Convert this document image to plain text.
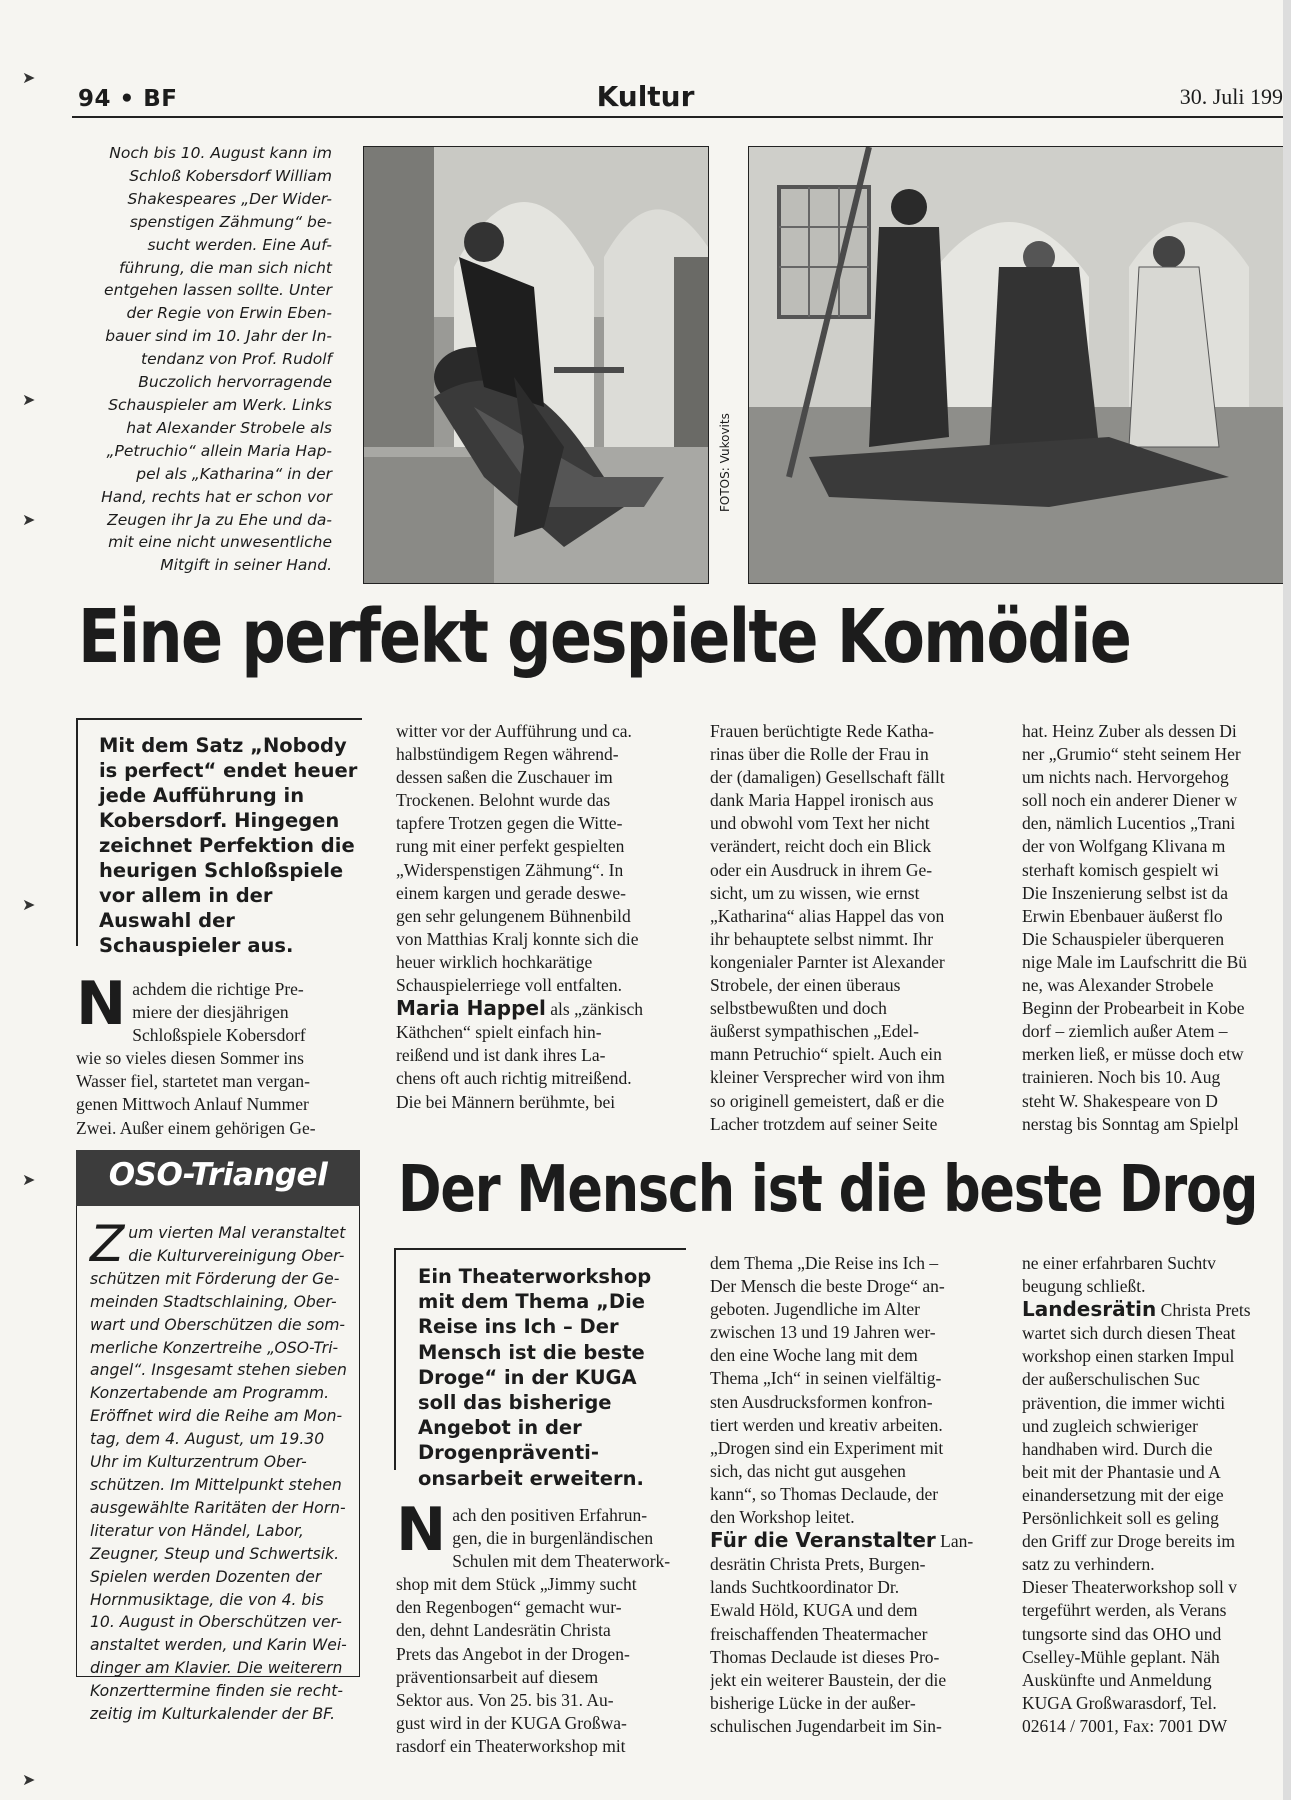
94 • BF	Kultur	30. Juli 199
➤
➤
➤
➤
➤
➤
Noch bis 10. August kann im
Schloß Kobersdorf William
Shakespeares „Der Wider-
spenstigen Zähmung“ be-
sucht werden. Eine Auf-
führung, die man sich nicht
entgehen lassen sollte. Unter
der Regie von Erwin Eben-
bauer sind im 10. Jahr der In-
tendanz von Prof. Rudolf
Buczolich hervorragende
Schauspieler am Werk. Links
hat Alexander Strobele als
„Petruchio“ allein Maria Hap-
pel als „Katharina“ in der
Hand, rechts hat er schon vor
Zeugen ihr Ja zu Ehe und da-
mit eine nicht unwesentliche
Mitgift in seiner Hand.
FOTOS: Vukovits
Eine perfekt gespielte Komödie
Mit dem Satz „Nobody is perfect“ endet heuer jede Aufführung in Kobersdorf. Hingegen zeichnet Perfektion die heurigen Schloßspiele vor allem in der Auswahl der Schauspieler aus.
Nachdem die richtige Pre-
miere der diesjährigen
Schloßspiele Kobersdorf
wie so vieles diesen Sommer ins
Wasser fiel, startetet man vergan-
genen Mittwoch Anlauf Nummer
Zwei. Außer einem gehörigen Ge-
witter vor der Aufführung und ca.
halbstündigem Regen während-
dessen saßen die Zuschauer im
Trockenen. Belohnt wurde das
tapfere Trotzen gegen die Witte-
rung mit einer perfekt gespielten
„Widerspenstigen Zähmung“. In
einem kargen und gerade deswe-
gen sehr gelungenem Bühnenbild
von Matthias Kralj konnte sich die
heuer wirklich hochkarätige
Schauspielerriege voll entfalten.
Maria Happel als „zänkisch
Käthchen“ spielt einfach hin-
reißend und ist dank ihres La-
chens oft auch richtig mitreißend.
Die bei Männern berühmte, bei
Frauen berüchtigte Rede Katha-
rinas über die Rolle der Frau in
der (damaligen) Gesellschaft fällt
dank Maria Happel ironisch aus
und obwohl vom Text her nicht
verändert, reicht doch ein Blick
oder ein Ausdruck in ihrem Ge-
sicht, um zu wissen, wie ernst
„Katharina“ alias Happel das von
ihr behauptete selbst nimmt. Ihr
kongenialer Parnter ist Alexander
Strobele, der einen überaus
selbstbewußten und doch
äußerst sympathischen „Edel-
mann Petruchio“ spielt. Auch ein
kleiner Versprecher wird von ihm
so originell gemeistert, daß er die
Lacher trotzdem auf seiner Seite
hat. Heinz Zuber als dessen Di
ner „Grumio“ steht seinem Her
um nichts nach. Hervorgehog
soll noch ein anderer Diener w
den, nämlich Lucentios „Trani
der von Wolfgang Klivana m
sterhaft komisch gespielt wi
Die Inszenierung selbst ist da
Erwin Ebenbauer äußerst flo
Die Schauspieler überqueren
nige Male im Laufschritt die Bü
ne, was Alexander Strobele
Beginn der Probearbeit in Kobe
dorf – ziemlich außer Atem –
merken ließ, er müsse doch etw
trainieren. Noch bis 10. Aug
steht W. Shakespeare von D
nerstag bis Sonntag am Spielpl
OSO-Triangel
Zum vierten Mal veranstaltet
die Kulturvereinigung Ober-
schützen mit Förderung der Ge-
meinden Stadtschlaining, Ober-
wart und Oberschützen die som-
merliche Konzertreihe „OSO-Tri-
angel“. Insgesamt stehen sieben
Konzertabende am Programm.
Eröffnet wird die Reihe am Mon-
tag, dem 4. August, um 19.30
Uhr im Kulturzentrum Ober-
schützen. Im Mittelpunkt stehen
ausgewählte Raritäten der Horn-
literatur von Händel, Labor,
Zeugner, Steup und Schwertsik.
Spielen werden Dozenten der
Hornmusiktage, die von 4. bis
10. August in Oberschützen ver-
anstaltet werden, und Karin Wei-
dinger am Klavier. Die weiterern
Konzerttermine finden sie recht-
zeitig im Kulturkalender der BF.
Der Mensch ist die beste Drog
Ein Theaterworkshop mit dem Thema „Die Reise ins Ich – Der Mensch ist die beste Droge“ in der KUGA soll das bisherige Angebot in der Drogenpräventi-onsarbeit erweitern.
Nach den positiven Erfahrun-
gen, die in burgenländischen
Schulen mit dem Theaterwork-
shop mit dem Stück „Jimmy sucht
den Regenbogen“ gemacht wur-
den, dehnt Landesrätin Christa
Prets das Angebot in der Drogen-
präventionsarbeit auf diesem
Sektor aus. Von 25. bis 31. Au-
gust wird in der KUGA Großwa-
rasdorf ein Theaterworkshop mit
dem Thema „Die Reise ins Ich –
Der Mensch die beste Droge“ an-
geboten. Jugendliche im Alter
zwischen 13 und 19 Jahren wer-
den eine Woche lang mit dem
Thema „Ich“ in seinen vielfältig-
sten Ausdrucksformen konfron-
tiert werden und kreativ arbeiten.
„Drogen sind ein Experiment mit
sich, das nicht gut ausgehen
kann“, so Thomas Declaude, der
den Workshop leitet.
Für die Veranstalter Lan-
desrätin Christa Prets, Burgen-
lands Suchtkoordinator Dr.
Ewald Höld, KUGA und dem
freischaffenden Theatermacher
Thomas Declaude ist dieses Pro-
jekt ein weiterer Baustein, der die
bisherige Lücke in der außer-
schulischen Jugendarbeit im Sin-
ne einer erfahrbaren Suchtv
beugung schließt.
Landesrätin Christa Prets
wartet sich durch diesen Theat
workshop einen starken Impul
der außerschulischen Suc
prävention, die immer wichti
und zugleich schwieriger
handhaben wird. Durch die
beit mit der Phantasie und A
einandersetzung mit der eige
Persönlichkeit soll es geling
den Griff zur Droge bereits im
satz zu verhindern.
Dieser Theaterworkshop soll v
tergeführt werden, als Verans
tungsorte sind das OHO und
Cselley-Mühle geplant. Näh
Auskünfte und Anmeldung
KUGA Großwarasdorf, Tel.
02614 / 7001, Fax: 7001 DW
